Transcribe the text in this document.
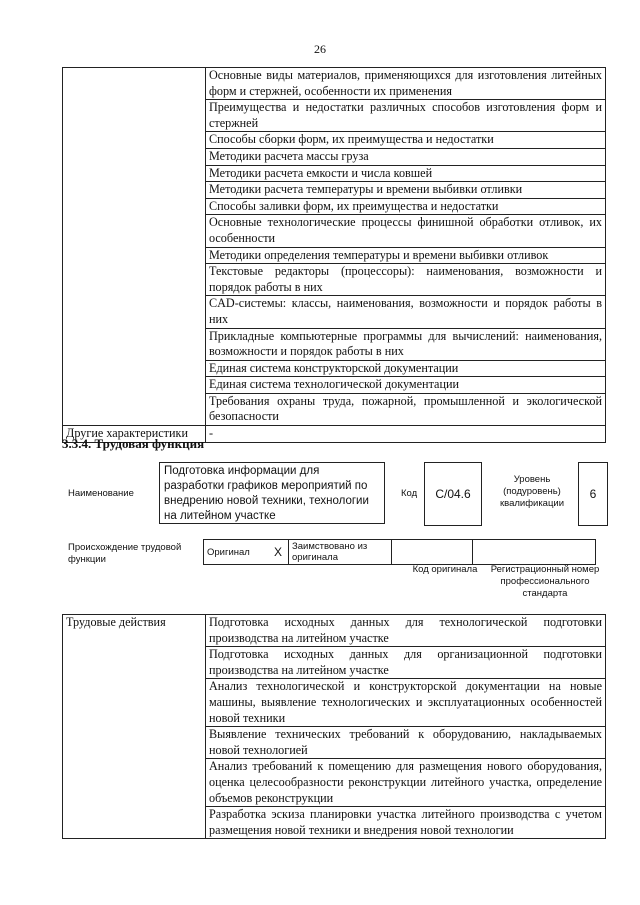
26
	Основные виды материалов, применяющихся для изготовления литейных форм и стержней, особенности их применения
	Преимущества и недостатки различных способов изготовления форм и стержней
	Способы сборки форм, их преимущества и недостатки
	Методики расчета массы груза
	Методики расчета емкости и числа ковшей
	Методики расчета температуры и времени выбивки отливки
	Способы заливки форм, их преимущества и недостатки
	Основные технологические процессы финишной обработки отливок, их особенности
	Методики определения температуры и времени выбивки отливок
	Текстовые редакторы (процессоры): наименования, возможности и порядок работы в них
	CAD-системы: классы, наименования, возможности и порядок работы в них
	Прикладные компьютерные программы для вычислений: наименования, возможности и порядок работы в них
	Единая система конструкторской документации
	Единая система технологической документации
	Требования охраны труда, пожарной, промышленной и экологической безопасности
Другие характеристики	-
3.3.4. Трудовая функция
Наименование
Подготовка информации для разработки графиков мероприятий по внедрению новой техники, технологии на литейном участке
Код	C/04.6
Уровень (подуровень) квалификации
6
Происхождение трудовой функции
Оригинал	X	Заимствовано из оригинала		
Код оригинала	Регистрационный номер профессионального стандарта
Трудовые действия	Подготовка исходных данных для технологической подготовки производства на литейном участке
Подготовка исходных данных для организационной подготовки производства на литейном участке
Анализ технологической и конструкторской документации на новые машины, выявление технологических и эксплуатационных особенностей новой техники
Выявление технических требований к оборудованию, накладываемых новой технологией
Анализ требований к помещению для размещения нового оборудования, оценка целесообразности реконструкции литейного участка, определение объемов реконструкции
Разработка эскиза планировки участка литейного производства с учетом размещения новой техники и внедрения новой технологии
